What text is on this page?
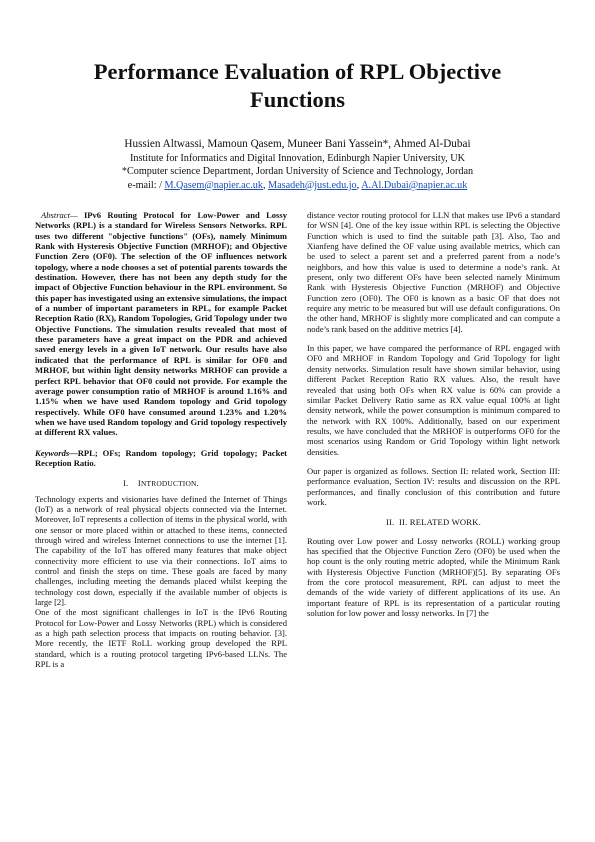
Performance Evaluation of RPL Objective Functions
Hussien Altwassi, Mamoun Qasem, Muneer Bani Yassein*, Ahmed Al-Dubai
Institute for Informatics and Digital Innovation, Edinburgh Napier University, UK
*Computer science Department, Jordan University of Science and Technology, Jordan
e-mail: / M.Qasem@napier.ac.uk, Masadeh@just.edu.jo, A.Al.Dubai@napier.ac.uk

Abstract— IPv6 Routing Protocol for Low-Power and Lossy Networks (RPL) is a standard for Wireless Sensors Networks. RPL uses two different "objective functions" (OFs), namely Minimum Rank with Hysteresis Objective Function (MRHOF); and Objective Function Zero (OF0). The selection of the OF influences network topology, where a node chooses a set of potential parents towards the destination. However, there has not been any depth study for the impact of Objective Function behaviour in the RPL environment. So this paper has investigated using an extensive simulations, the impact of a number of important parameters in RPL, for example Packet Reception Ratio (RX), Random Topologies, Grid Topology under two Objective Functions. The simulation results revealed that most of these parameters have a great impact on the PDR and achieved saved energy levels in a given IoT network. Our results have also indicated that the performance of RPL is similar for OF0 and MRHOF, but within light density networks MRHOF can provide a perfect RPL behavior that OF0 could not provide. For example the average power consumption ratio of MRHOF is around 1.16% and 1.15% when we have used Random topology and Grid topology respectively. While OF0 have consumed around 1.23% and 1.20% when we have used Random topology and Grid topology respectively at different RX values.

Keywords—RPL; OFs; Random topology; Grid topology; Packet Reception Ratio.

I. INTRODUCTION.

Technology experts and visionaries have defined the Internet of Things (IoT) as a network of real physical objects connected via the Internet. Moreover, IoT represents a collection of items in the physical world, with one sensor or more placed within or attached to these items, connected through wired and wireless Internet connections to use the internet [1]. The capability of the IoT has offered many features that make object connectivity more efficient to use via their connections. IoT aims to control and finish the steps on time. These goals are faced by many challenges, including meeting the demands placed whilst keeping the technology cost down, especially if the available number of objects is large [2].

One of the most significant challenges in IoT is the IPv6 Routing Protocol for Low-Power and Lossy Networks (RPL) which is considered as a high path selection process that impacts on routing behavior. [3]. More recently, the IETF RoLL working group developed the RPL standard, which is a routing protocol targeting IPv6-based LLNs. The RPL is a

distance vector routing protocol for LLN that makes use IPv6 a standard for WSN [4]. One of the key issue within RPL is selecting the Objective Function which is used to find the suitable path [3]. Also, Tao and Xianfeng have defined the OF value using available metrics, which can be used to select a parent set and a preferred parent from a node’s neighbors, and how this value is used to determine a node’s rank. At present, only two different OFs have been selected namely Minimum Rank with Hysteresis Objective Function (MRHOF) and Objective Function zero (OF0). The OF0 is known as a basic OF that does not require any metric to be measured but will use default configurations. On the other hand, MRHOF is slightly more complicated and can compute a node’s rank based on the additive metrics [4].

In this paper, we have compared the performance of RPL engaged with OF0 and MRHOF in Random Topology and Grid Topology for light density networks. Simulation result have shown similar behavior, using different Packet Reception Ratio RX values. Also, the result have revealed that using both OFs when RX value is 60% can provide a similar Packet Delivery Ratio same as RX value equal 100% at light density network, while the power consumption is minimum compared to the network with RX 100%. Additionally, based on our experiment results, we have concluded that the MRHOF is outperforms OF0 for the most scenarios using Random or Grid Topology within light network densities.

Our paper is organized as follows. Section II: related work, Section III: performance evaluation, Section IV: results and discussion on the RPL performances, and finally conclusion of this contribution and future work.

II. II. RELATED WORK.

Routing over Low power and Lossy networks (ROLL) working group has specified that the Objective Function Zero (OF0) be used when the hop count is the only routing metric adopted, while the Minimum Rank with Hysteresis Objective Function (MRHOF)[5]. By separating OFs from the core protocol measurement, RPL can adjust to meet the demands of the wide variety of different applications of its use. An important feature of RPL is its representation of a particular routing solution for low power and lossy networks. In [7] the
